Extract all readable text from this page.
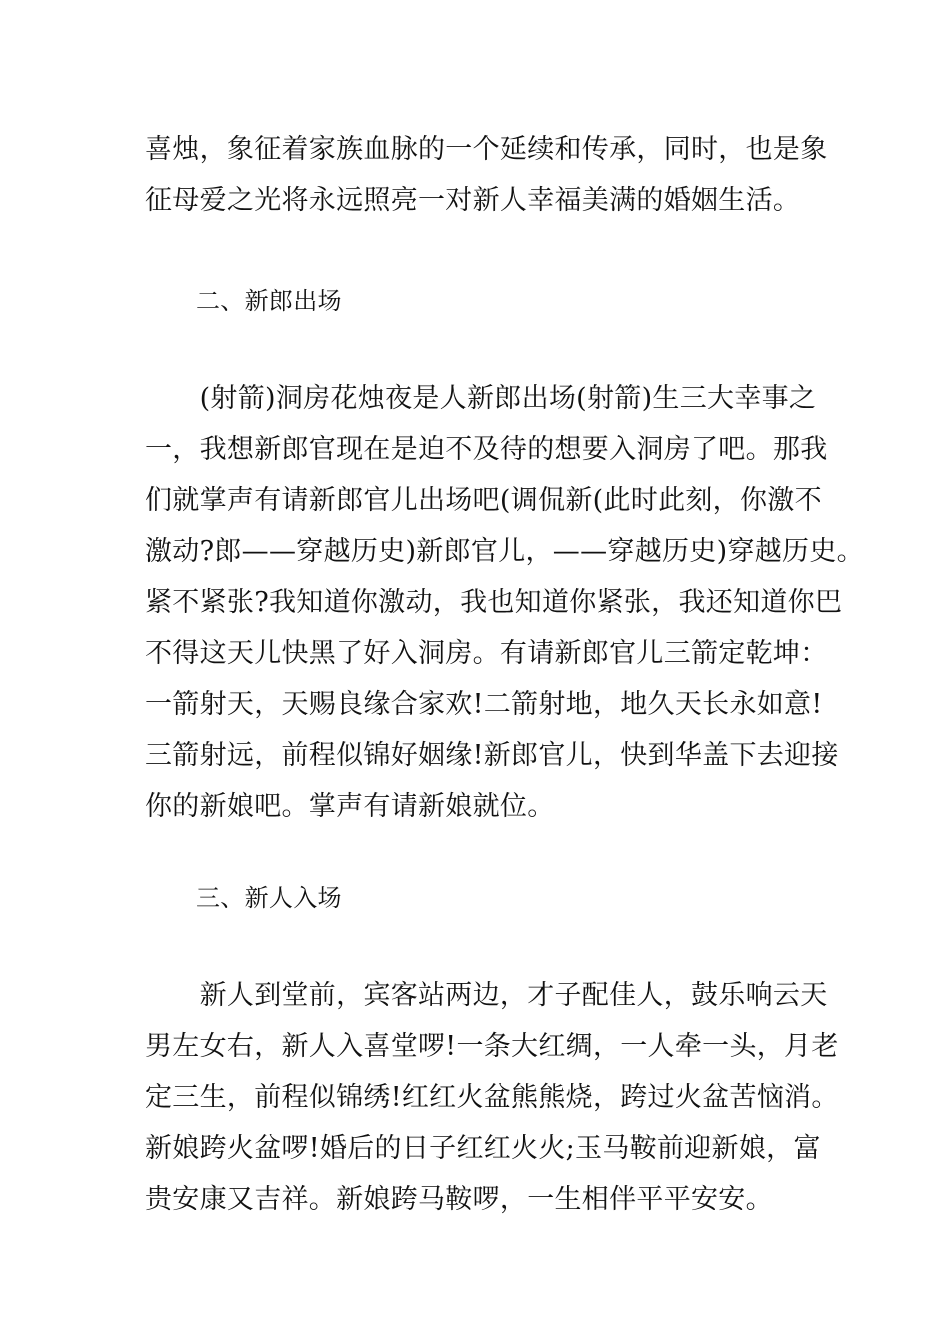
喜烛，象征着家族血脉的一个延续和传承，同时，也是象
征母爱之光将永远照亮一对新人幸福美满的婚姻生活。
二、新郎出场
　　(射箭)洞房花烛夜是人新郎出场(射箭)生三大幸事之
一，我想新郎官现在是迫不及待的想要入洞房了吧。那我
们就掌声有请新郎官儿出场吧(调侃新(此时此刻，你激不
激动?郎——穿越历史)新郎官儿，——穿越历史)穿越历史。
紧不紧张?我知道你激动，我也知道你紧张，我还知道你巴
不得这天儿快黑了好入洞房。有请新郎官儿三箭定乾坤：
一箭射天，天赐良缘合家欢!二箭射地，地久天长永如意!
三箭射远，前程似锦好姻缘!新郎官儿，快到华盖下去迎接
你的新娘吧。掌声有请新娘就位。
三、新人入场
　　新人到堂前，宾客站两边，才子配佳人，鼓乐响云天
男左女右，新人入喜堂啰!一条大红绸，一人牵一头，月老
定三生，前程似锦绣!红红火盆熊熊烧，跨过火盆苦恼消。
新娘跨火盆啰!婚后的日子红红火火;玉马鞍前迎新娘，富
贵安康又吉祥。新娘跨马鞍啰，一生相伴平平安安。
